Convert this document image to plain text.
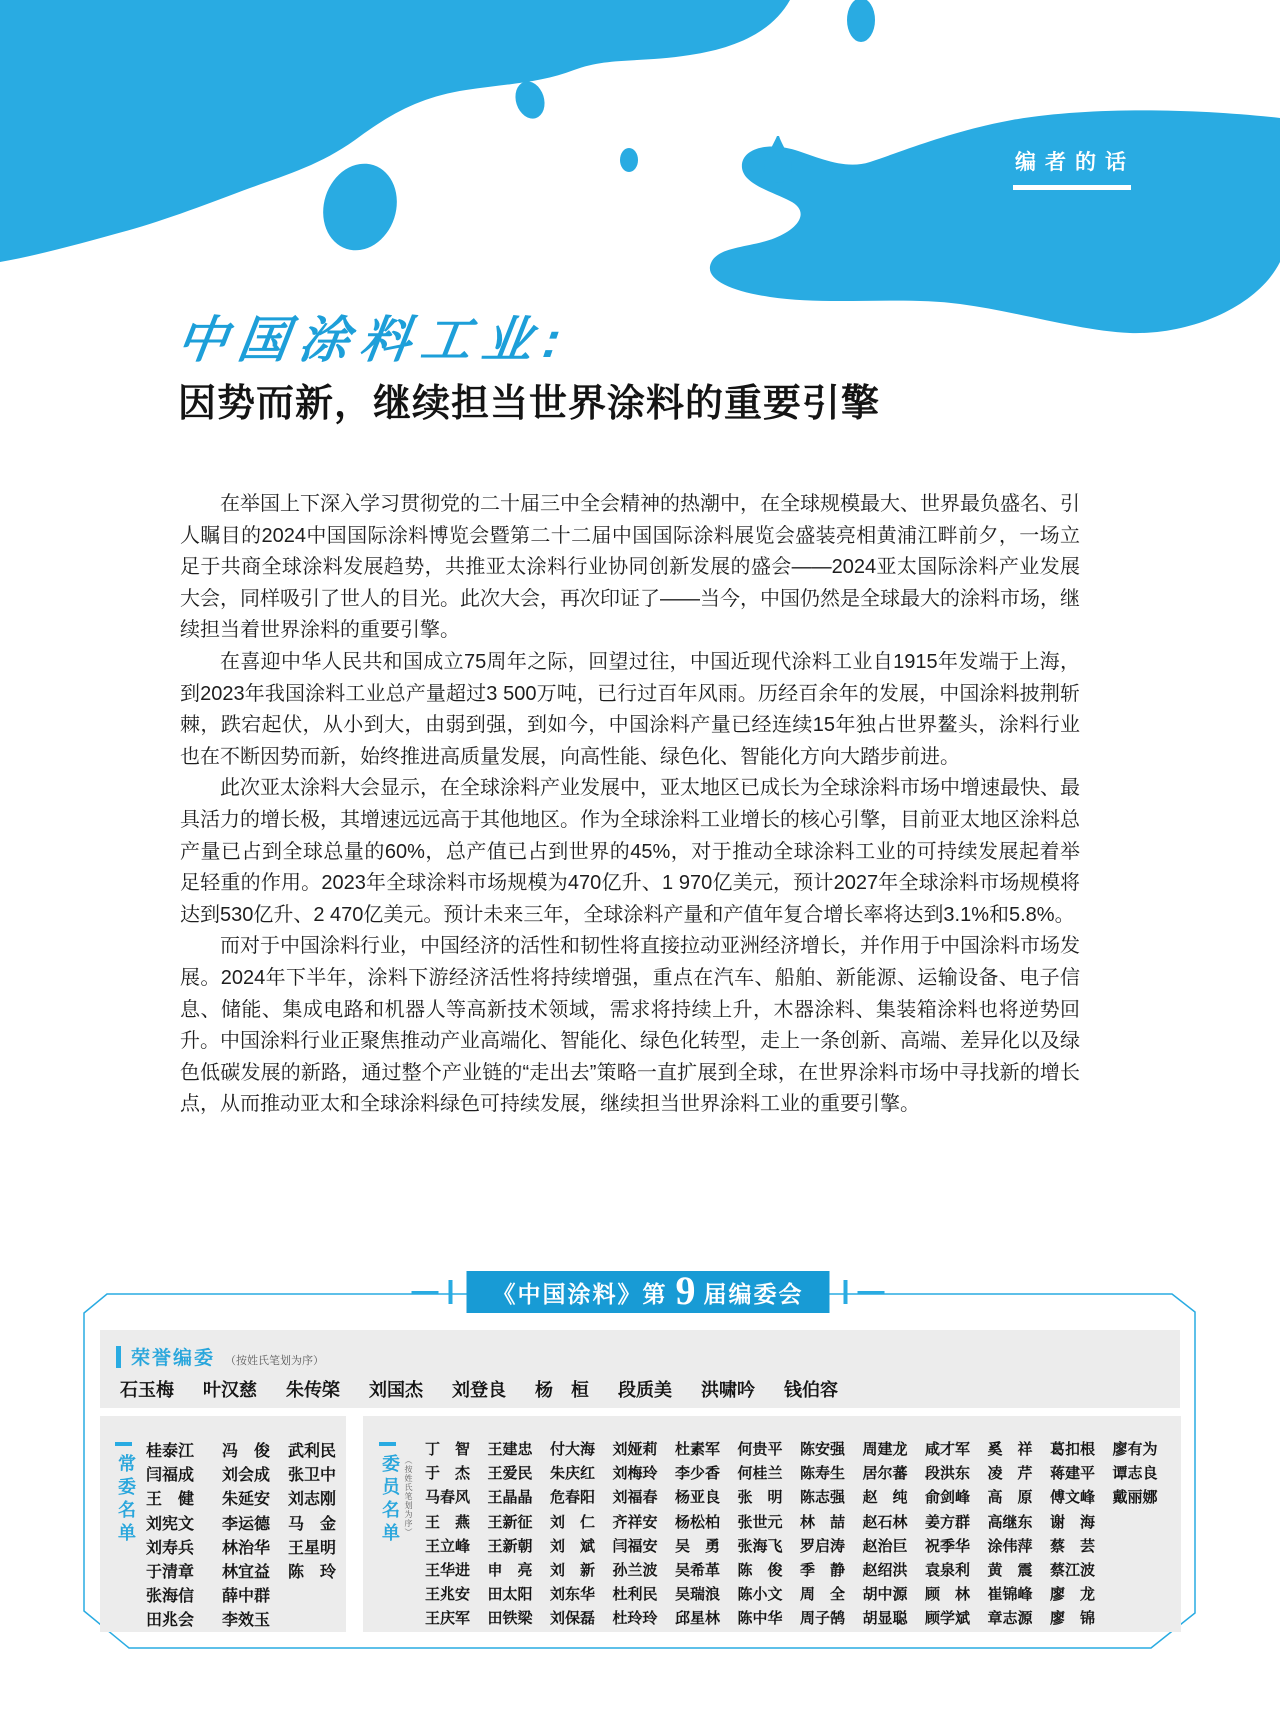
编者的话
中国涂料工业:
因势而新，继续担当世界涂料的重要引擎

在举国上下深入学习贯彻党的二十届三中全会精神的热潮中，在全球规模最大、世界最负盛名、引人瞩目的2024中国国际涂料博览会暨第二十二届中国国际涂料展览会盛装亮相黄浦江畔前夕，一场立足于共商全球涂料发展趋势，共推亚太涂料行业协同创新发展的盛会——2024亚太国际涂料产业发展大会，同样吸引了世人的目光。此次大会，再次印证了——当今，中国仍然是全球最大的涂料市场，继续担当着世界涂料的重要引擎。

在喜迎中华人民共和国成立75周年之际，回望过往，中国近现代涂料工业自1915年发端于上海，到2023年我国涂料工业总产量超过3 500万吨，已行过百年风雨。历经百余年的发展，中国涂料披荆斩棘，跌宕起伏，从小到大，由弱到强，到如今，中国涂料产量已经连续15年独占世界鳌头，涂料行业也在不断因势而新，始终推进高质量发展，向高性能、绿色化、智能化方向大踏步前进。

此次亚太涂料大会显示，在全球涂料产业发展中，亚太地区已成长为全球涂料市场中增速最快、最具活力的增长极，其增速远远高于其他地区。作为全球涂料工业增长的核心引擎，目前亚太地区涂料总产量已占到全球总量的60%，总产值已占到世界的45%，对于推动全球涂料工业的可持续发展起着举足轻重的作用。2023年全球涂料市场规模为470亿升、1 970亿美元，预计2027年全球涂料市场规模将达到530亿升、2 470亿美元。预计未来三年，全球涂料产量和产值年复合增长率将达到3.1%和5.8%。

而对于中国涂料行业，中国经济的活性和韧性将直接拉动亚洲经济增长，并作用于中国涂料市场发展。2024年下半年，涂料下游经济活性将持续增强，重点在汽车、船舶、新能源、运输设备、电子信息、储能、集成电路和机器人等高新技术领域，需求将持续上升，木器涂料、集装箱涂料也将逆势回升。中国涂料行业正聚焦推动产业高端化、智能化、绿色化转型，走上一条创新、高端、差异化以及绿色低碳发展的新路，通过整个产业链的“走出去”策略一直扩展到全球，在世界涂料市场中寻找新的增长点，从而推动亚太和全球涂料绿色可持续发展，继续担当世界涂料工业的重要引擎。

《中国涂料》第 9 届编委会
荣誉编委 （按姓氏笔划为序）
石玉梅 叶汉慈 朱传棨 刘国杰 刘登良 杨　桓 段质美 洪啸吟 钱伯容
常委名单
桂泰江	冯　俊	武利民
闫福成	刘会成	张卫中
王　健	朱延安	刘志刚
刘宪文	李运德	马　金
刘寿兵	林治华	王星明
于清章	林宜益	陈　玲
张海信	薛中群
田兆会	李效玉
委员名单 （按姓氏笔划为序）
丁　智	王建忠	付大海	刘娅莉	杜素军	何贵平	陈安强	周建龙	咸才军	奚　祥	葛扣根	廖有为
于　杰	王爱民	朱庆红	刘梅玲	李少香	何桂兰	陈寿生	居尔蕃	段洪东	凌　芹	蒋建平	谭志良
马春风	王晶晶	危春阳	刘福春	杨亚良	张　明	陈志强	赵　纯	俞剑峰	高　原	傅文峰	戴丽娜
王　燕	王新征	刘　仁	齐祥安	杨松柏	张世元	林　喆	赵石林	姜方群	高继东	谢　海
王立峰	王新朝	刘　斌	闫福安	吴　勇	张海飞	罗启涛	赵治巨	祝季华	涂伟萍	蔡　芸
王华进	申　亮	刘　新	孙兰波	吴希革	陈　俊	季　静	赵绍洪	袁泉利	黄　震	蔡江波
王兆安	田太阳	刘东华	杜利民	吴瑞浪	陈小文	周　全	胡中源	顾　林	崔锦峰	廖　龙
王庆军	田铁梁	刘保磊	杜玲玲	邱星林	陈中华	周子鹄	胡显聪	顾学斌	章志源	廖　锦
